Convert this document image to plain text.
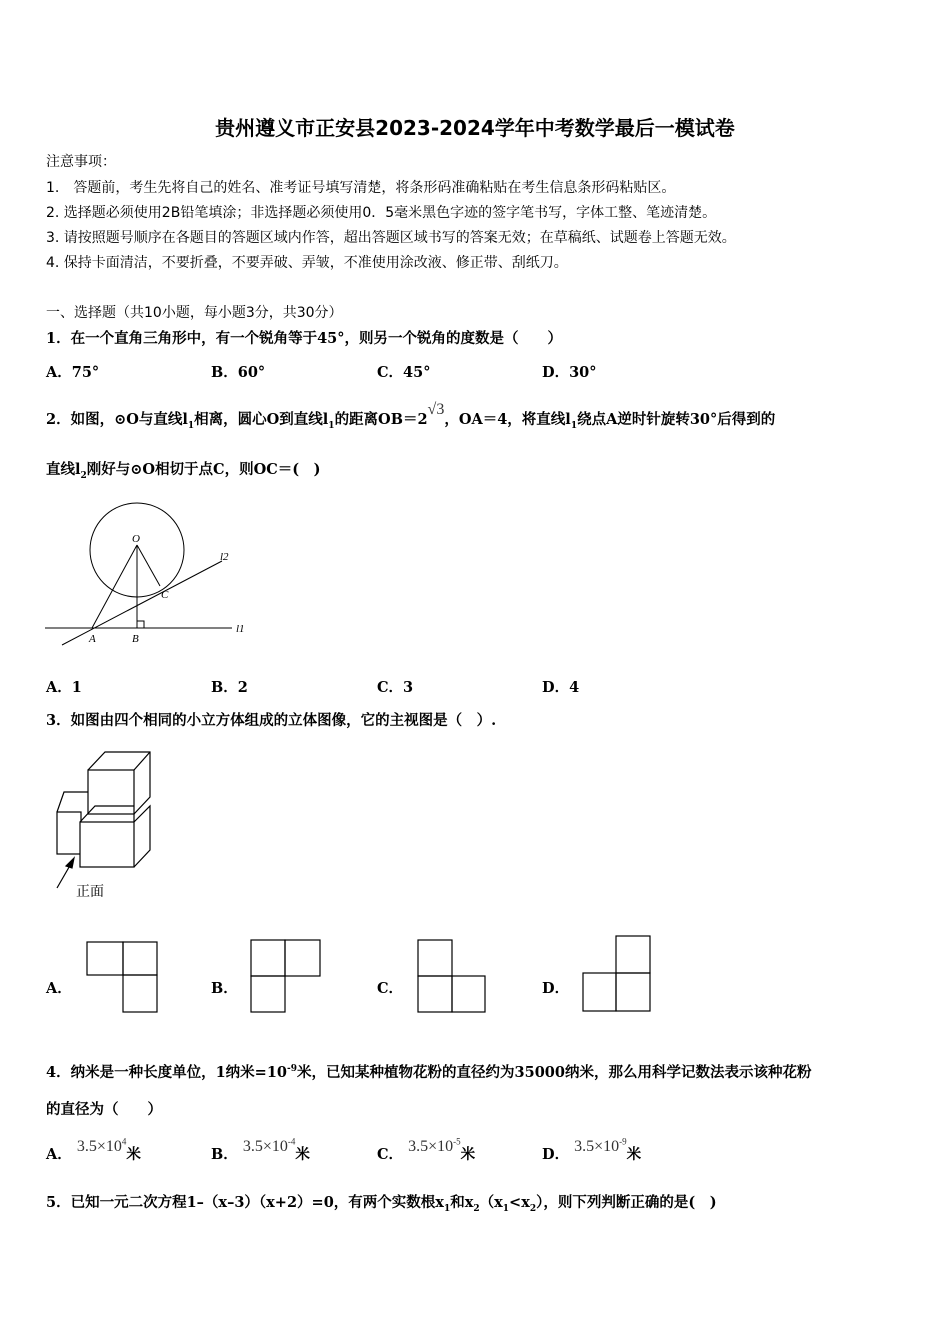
贵州遵义市正安县2023-2024学年中考数学最后一模试卷
注意事项：
1.　答题前，考生先将自己的姓名、准考证号填写清楚，将条形码准确粘贴在考生信息条形码粘贴区。
2. 选择题必须使用2B铅笔填涂；非选择题必须使用0．5毫米黑色字迹的签字笔书写，字体工整、笔迹清楚。
3. 请按照题号顺序在各题目的答题区域内作答，超出答题区域书写的答案无效；在草稿纸、试题卷上答题无效。
4. 保持卡面清洁，不要折叠，不要弄破、弄皱，不准使用涂改液、修正带、刮纸刀。
一、选择题（共10小题，每小题3分，共30分）
1．在一个直角三角形中，有一个锐角等于45°，则另一个锐角的度数是（　　）
A．75°	B．60°	C．45°	D．30°
2．如图，⊙O与直线$l_1$相离，圆心O到直线$l_1$的距离OB＝2√3，OA＝4，将直线$l_1$绕点A逆时针旋转30°后得到的
直线$l_2$刚好与⊙O相切于点C，则OC＝(　)
O
C
A	B
l1
l2
A．1	B．2	C．3	D．4
3．如图由四个相同的小立方体组成的立体图像，它的主视图是（　）.
正面
A．	B．	C．	D．
4．纳米是一种长度单位，1纳米$=10^{-9}$米，已知某种植物花粉的直径约为35000纳米，那么用科学记数法表示该种花粉
的直径为（　　）
A． $3.5\times 10^4$米	B． $3.5\times 10^{-4}$米	C． $3.5\times 10^{-5}$米	D． $3.5\times 10^{-9}$米
5．已知一元二次方程1–（x–3）（x+2）=0，有两个实数根$x_1$和$x_2(x_1<x_2)$，则下列判断正确的是(　)
